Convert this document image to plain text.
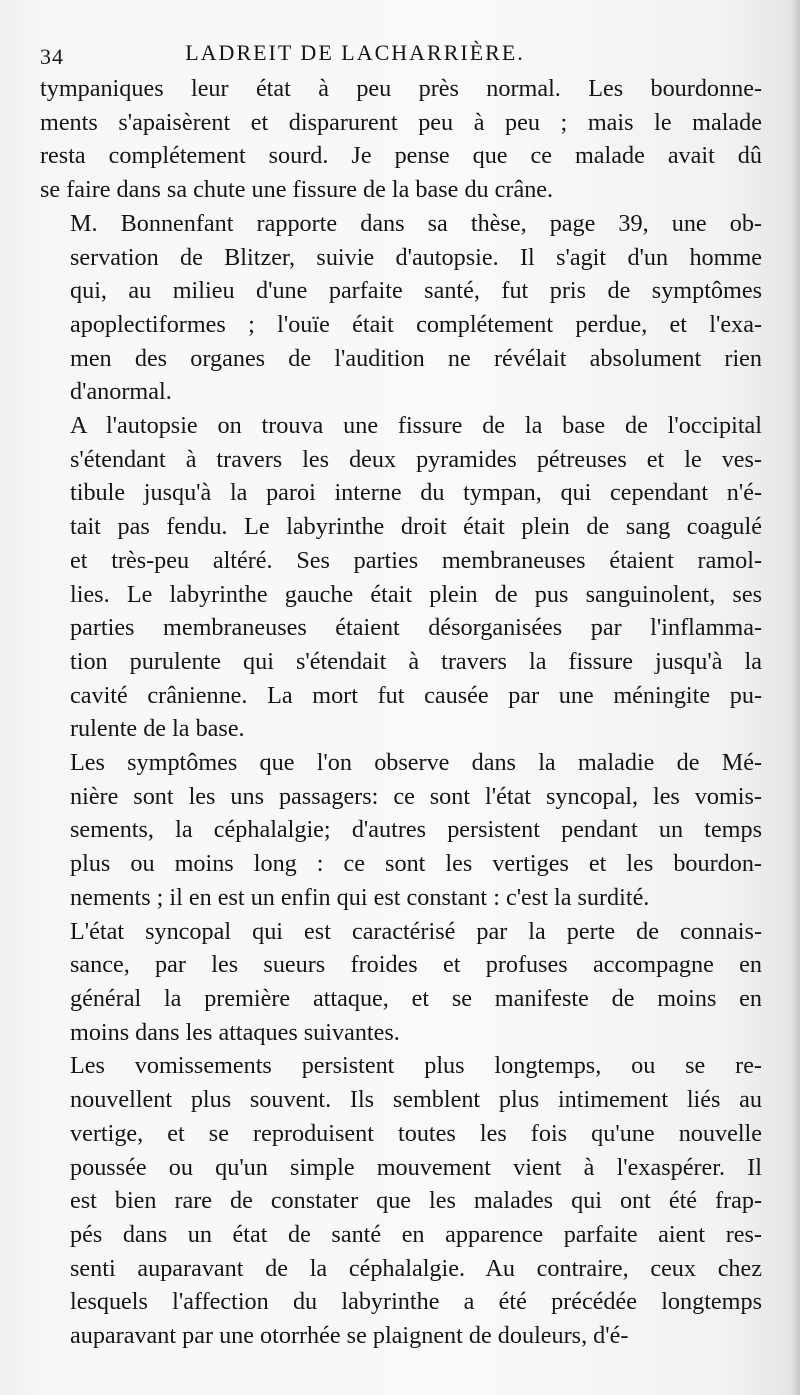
34	LADREIT DE LACHARRIÈRE.

tympaniques leur état à peu près normal. Les bourdonne-
ments s'apaisèrent et disparurent peu à peu ; mais le malade
resta complétement sourd. Je pense que ce malade avait dû
se faire dans sa chute une fissure de la base du crâne.

M. Bonnenfant rapporte dans sa thèse, page 39, une ob-
servation de Blitzer, suivie d'autopsie. Il s'agit d'un homme
qui, au milieu d'une parfaite santé, fut pris de symptômes
apoplectiformes ; l'ouïe était complétement perdue, et l'exa-
men des organes de l'audition ne révélait absolument rien
d'anormal.

A l'autopsie on trouva une fissure de la base de l'occipital
s'étendant à travers les deux pyramides pétreuses et le ves-
tibule jusqu'à la paroi interne du tympan, qui cependant n'é-
tait pas fendu. Le labyrinthe droit était plein de sang coagulé
et très-peu altéré. Ses parties membraneuses étaient ramol-
lies. Le labyrinthe gauche était plein de pus sanguinolent, ses
parties membraneuses étaient désorganisées par l'inflamma-
tion purulente qui s'étendait à travers la fissure jusqu'à la
cavité crânienne. La mort fut causée par une méningite pu-
rulente de la base.

Les symptômes que l'on observe dans la maladie de Mé-
nière sont les uns passagers: ce sont l'état syncopal, les vomis-
sements, la céphalalgie; d'autres persistent pendant un temps
plus ou moins long : ce sont les vertiges et les bourdon-
nements ; il en est un enfin qui est constant : c'est la surdité.

L'état syncopal qui est caractérisé par la perte de connais-
sance, par les sueurs froides et profuses accompagne en
général la première attaque, et se manifeste de moins en
moins dans les attaques suivantes.

Les vomissements persistent plus longtemps, ou se re-
nouvellent plus souvent. Ils semblent plus intimement liés au
vertige, et se reproduisent toutes les fois qu'une nouvelle
poussée ou qu'un simple mouvement vient à l'exaspérer. Il
est bien rare de constater que les malades qui ont été frap-
pés dans un état de santé en apparence parfaite aient res-
senti auparavant de la céphalalgie. Au contraire, ceux chez
lesquels l'affection du labyrinthe a été précédée longtemps
auparavant par une otorrhée se plaignent de douleurs, d'é-
